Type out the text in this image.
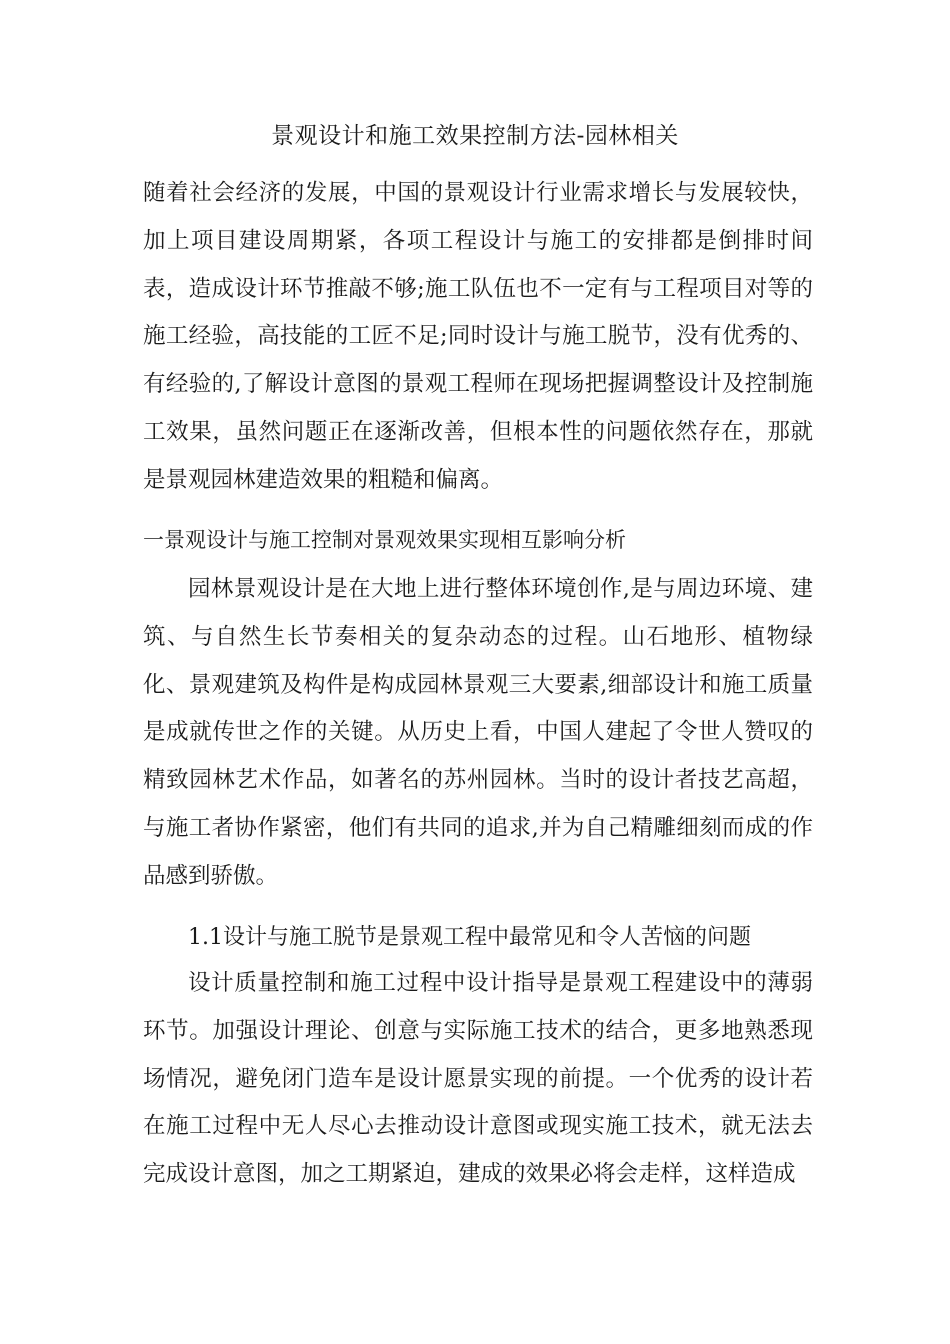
景观设计和施工效果控制方法-园林相关

随着社会经济的发展，中国的景观设计行业需求增长与发展较快，加上项目建设周期紧，各项工程设计与施工的安排都是倒排时间表，造成设计环节推敲不够;施工队伍也不一定有与工程项目对等的施工经验，高技能的工匠不足;同时设计与施工脱节，没有优秀的、有经验的,了解设计意图的景观工程师在现场把握调整设计及控制施工效果，虽然问题正在逐渐改善，但根本性的问题依然存在，那就是景观园林建造效果的粗糙和偏离。

一景观设计与施工控制对景观效果实现相互影响分析

园林景观设计是在大地上进行整体环境创作,是与周边环境、建筑、与自然生长节奏相关的复杂动态的过程。山石地形、植物绿化、景观建筑及构件是构成园林景观三大要素,细部设计和施工质量是成就传世之作的关键。从历史上看，中国人建起了令世人赞叹的精致园林艺术作品，如著名的苏州园林。当时的设计者技艺高超，与施工者协作紧密，他们有共同的追求,并为自己精雕细刻而成的作品感到骄傲。

1.1设计与施工脱节是景观工程中最常见和令人苦恼的问题

设计质量控制和施工过程中设计指导是景观工程建设中的薄弱环节。加强设计理论、创意与实际施工技术的结合，更多地熟悉现场情况，避免闭门造车是设计愿景实现的前提。一个优秀的设计若在施工过程中无人尽心去推动设计意图或现实施工技术，就无法去完成设计意图，加之工期紧迫，建成的效果必将会走样，这样造成
